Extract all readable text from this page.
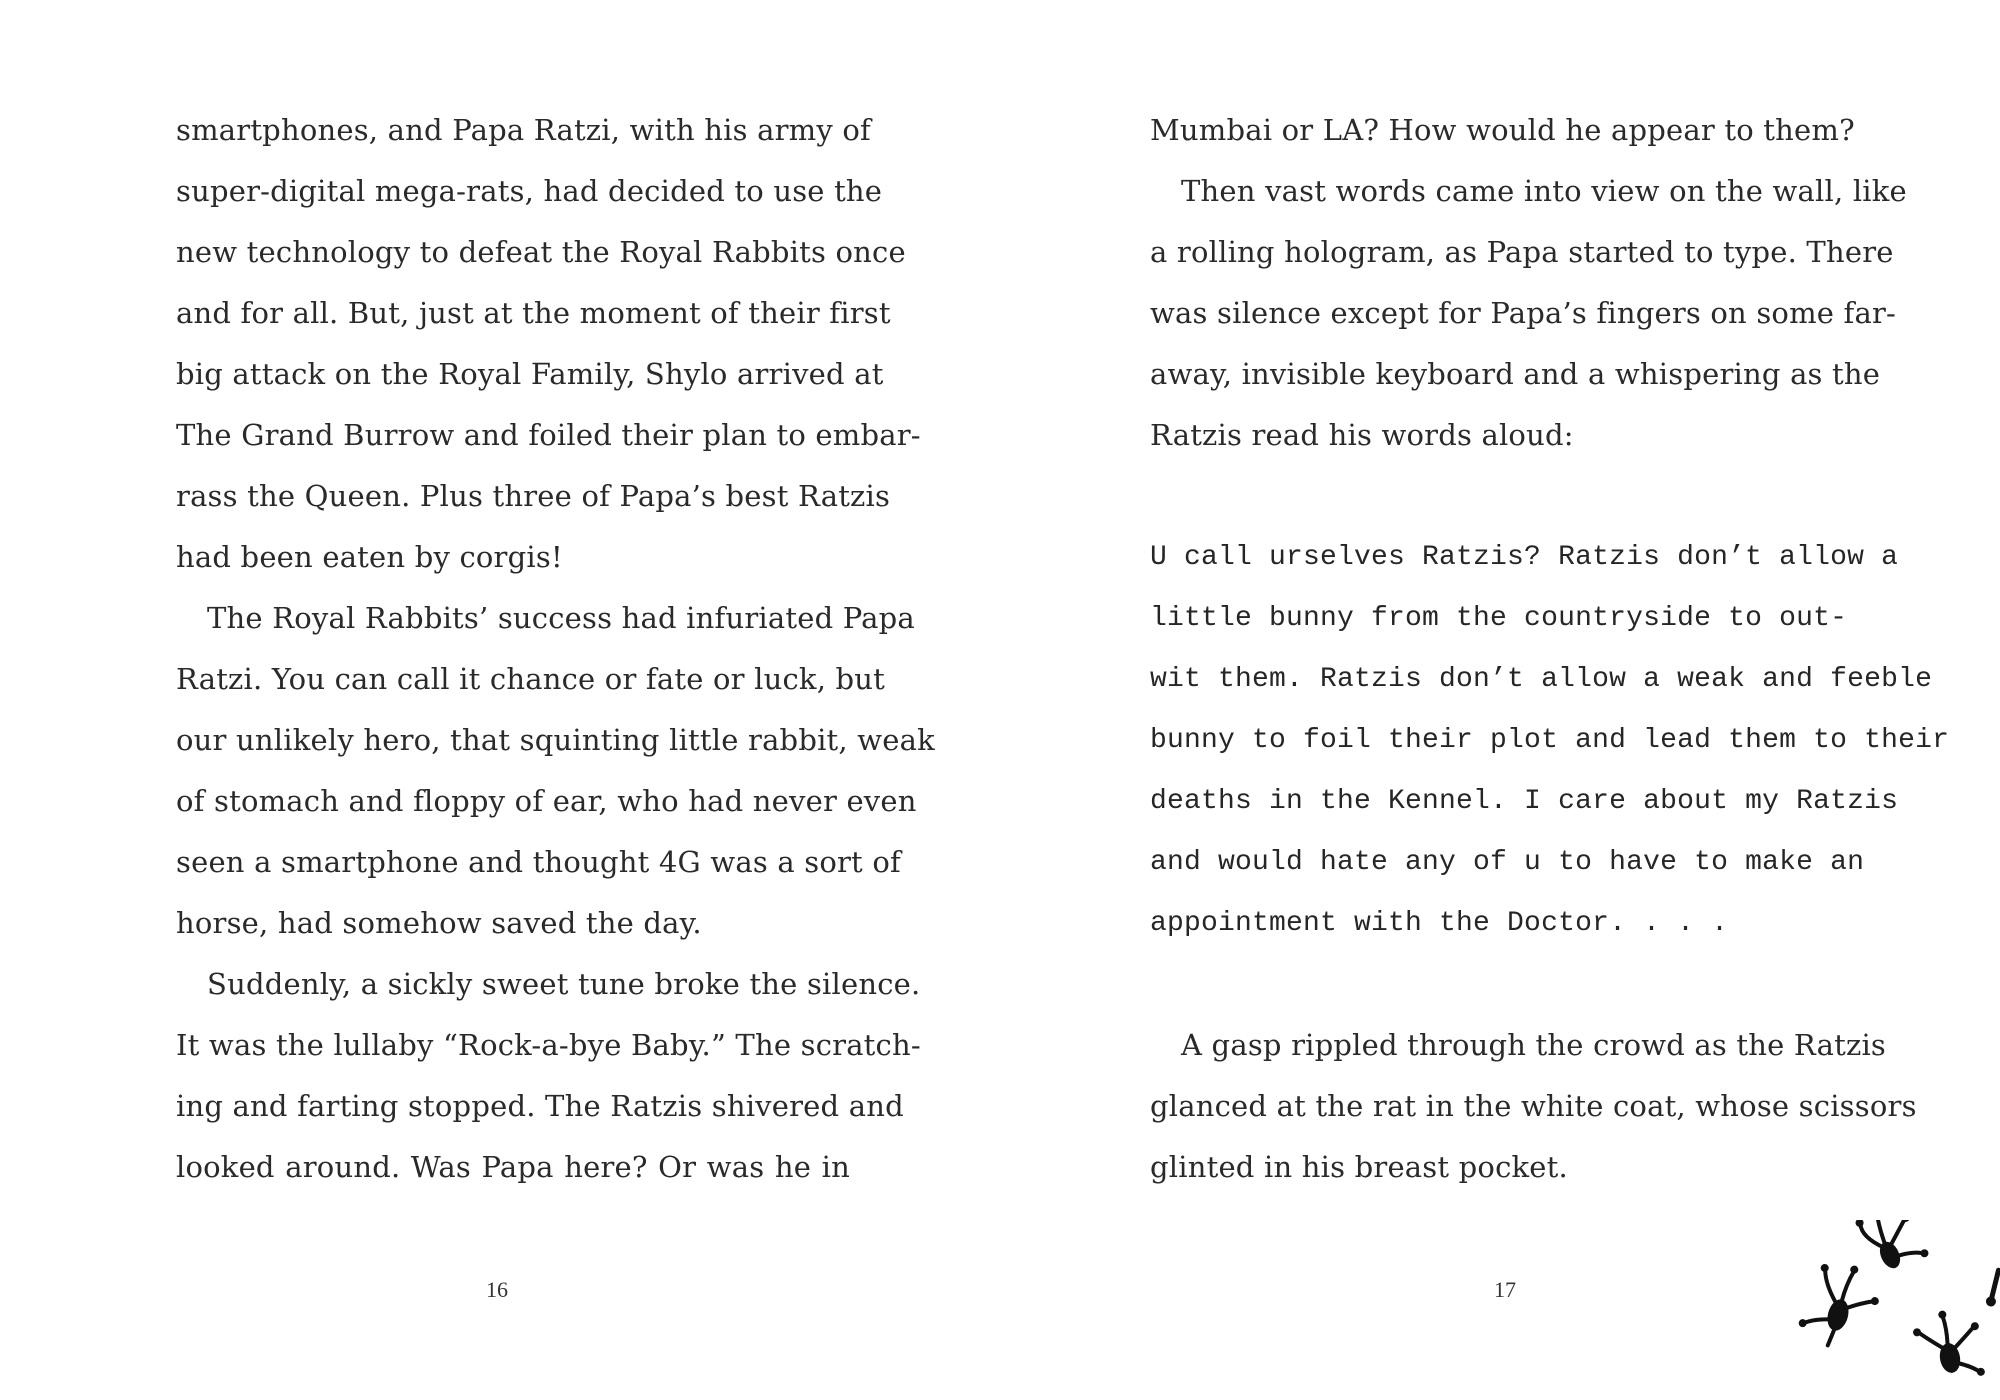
smartphones, and Papa Ratzi, with his army of
super-digital mega-rats, had decided to use the
new technology to defeat the Royal Rabbits once
and for all. But, just at the moment of their first
big attack on the Royal Family, Shylo arrived at
The Grand Burrow and foiled their plan to embar-
rass the Queen. Plus three of Papa’s best Ratzis
had been eaten by corgis!
The Royal Rabbits’ success had infuriated Papa
Ratzi. You can call it chance or fate or luck, but
our unlikely hero, that squinting little rabbit, weak
of stomach and floppy of ear, who had never even
seen a smartphone and thought 4G was a sort of
horse, had somehow saved the day.
Suddenly, a sickly sweet tune broke the silence.
It was the lullaby “Rock-a-bye Baby.” The scratch-
ing and farting stopped. The Ratzis shivered and
looked around. Was Papa here? Or was he in
16
Mumbai or LA? How would he appear to them?
Then vast words came into view on the wall, like
a rolling hologram, as Papa started to type. There
was silence except for Papa’s fingers on some far-
away, invisible keyboard and a whispering as the
Ratzis read his words aloud:
U call urselves Ratzis? Ratzis don’t allow a
little bunny from the countryside to out-
wit them. Ratzis don’t allow a weak and feeble
bunny to foil their plot and lead them to their
deaths in the Kennel. I care about my Ratzis
and would hate any of u to have to make an
appointment with the Doctor. . . .
A gasp rippled through the crowd as the Ratzis
glanced at the rat in the white coat, whose scissors
glinted in his breast pocket.
17
